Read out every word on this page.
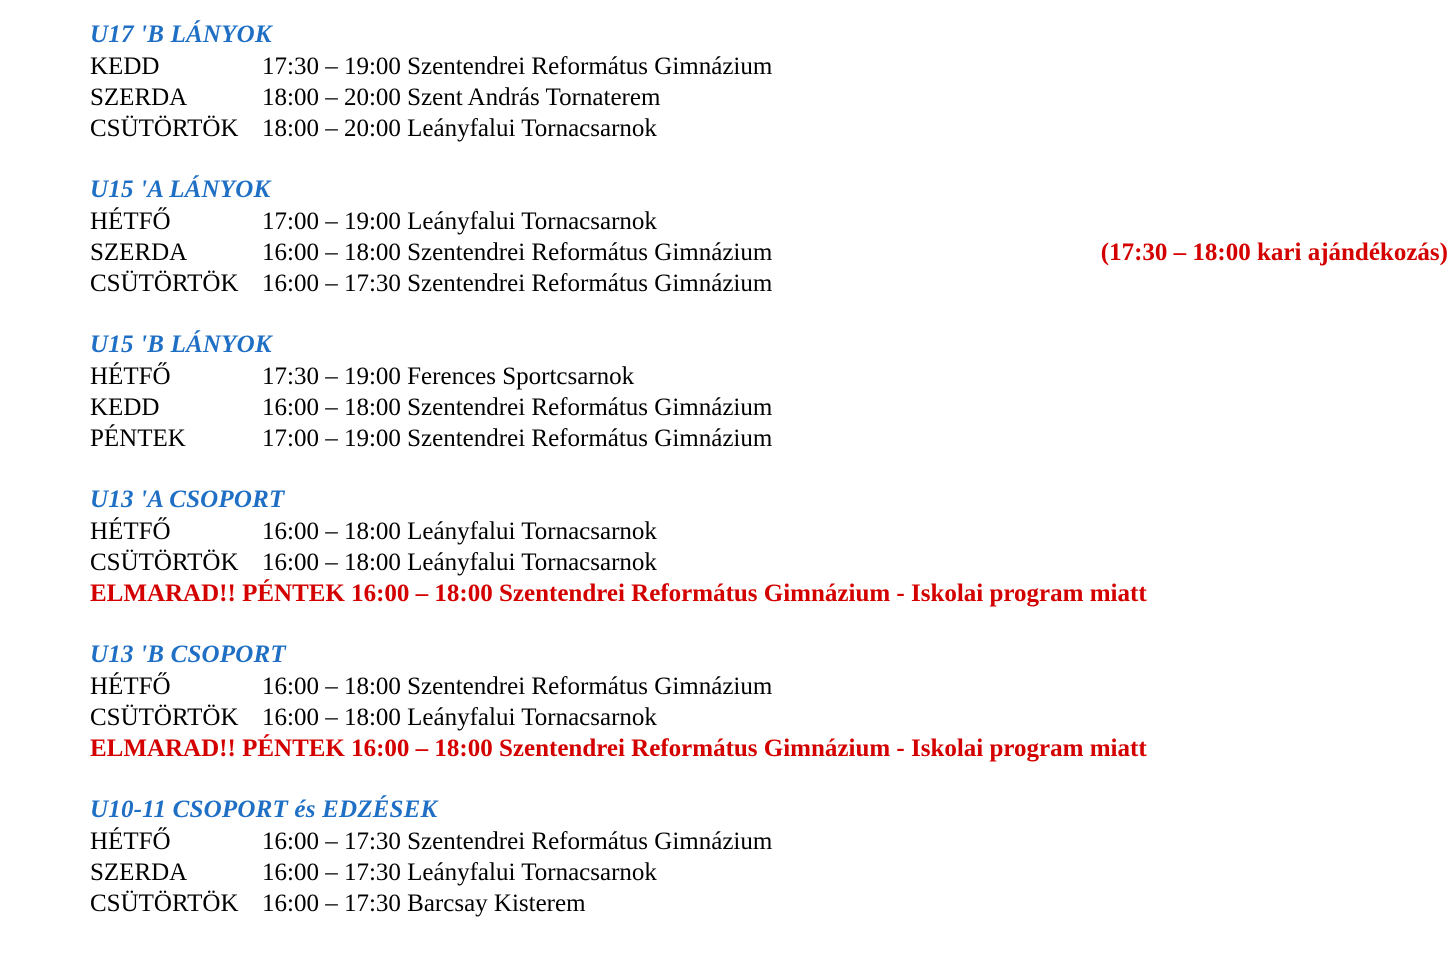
U17 'B LÁNYOK
KEDD	17:30 – 19:00 Szentendrei Református Gimnázium
SZERDA	18:00 – 20:00 Szent András Tornaterem
CSÜTÖRTÖK 18:00 – 20:00 Leányfalui Tornacsarnok
U15 'A LÁNYOK
HÉTFŐ	17:00 – 19:00 Leányfalui Tornacsarnok
SZERDA	16:00 – 18:00 Szentendrei Református Gimnázium	(17:30 – 18:00 kari ajándékozás)
CSÜTÖRTÖK 16:00 – 17:30 Szentendrei Református Gimnázium
U15 'B LÁNYOK
HÉTFŐ	17:30 – 19:00 Ferences Sportcsarnok
KEDD	16:00 – 18:00 Szentendrei Református Gimnázium
PÉNTEK	17:00 – 19:00 Szentendrei Református Gimnázium
U13 'A CSOPORT
HÉTFŐ	16:00 – 18:00 Leányfalui Tornacsarnok
CSÜTÖRTÖK 16:00 – 18:00 Leányfalui Tornacsarnok
ELMARAD!! PÉNTEK 16:00 – 18:00 Szentendrei Református Gimnázium - Iskolai program miatt
U13 'B CSOPORT
HÉTFŐ	16:00 – 18:00 Szentendrei Református Gimnázium
CSÜTÖRTÖK 16:00 – 18:00 Leányfalui Tornacsarnok
ELMARAD!! PÉNTEK 16:00 – 18:00 Szentendrei Református Gimnázium - Iskolai program miatt
U10-11 CSOPORT és EDZÉSEK
HÉTFŐ	16:00 – 17:30 Szentendrei Református Gimnázium
SZERDA	16:00 – 17:30 Leányfalui Tornacsarnok
CSÜTÖRTÖK 16:00 – 17:30 Barcsay Kisterem
